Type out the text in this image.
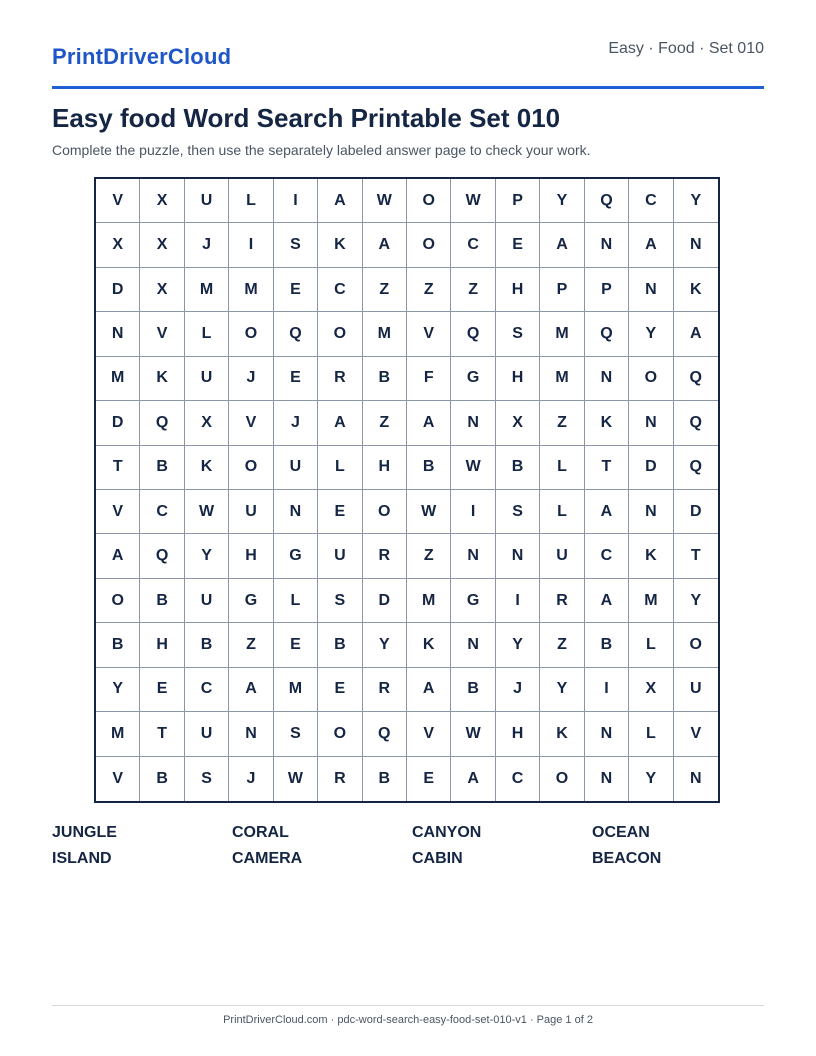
PrintDriverCloud	Easy · Food · Set 010
Easy food Word Search Printable Set 010

Complete the puzzle, then use the separately labeled answer page to check your work.

V	X	U	L	I	A	W	O	W	P	Y	Q	C	Y
X	X	J	I	S	K	A	O	C	E	A	N	A	N
D	X	M	M	E	C	Z	Z	Z	H	P	P	N	K
N	V	L	O	Q	O	M	V	Q	S	M	Q	Y	A
M	K	U	J	E	R	B	F	G	H	M	N	O	Q
D	Q	X	V	J	A	Z	A	N	X	Z	K	N	Q
T	B	K	O	U	L	H	B	W	B	L	T	D	Q
V	C	W	U	N	E	O	W	I	S	L	A	N	D
A	Q	Y	H	G	U	R	Z	N	N	U	C	K	T
O	B	U	G	L	S	D	M	G	I	R	A	M	Y
B	H	B	Z	E	B	Y	K	N	Y	Z	B	L	O
Y	E	C	A	M	E	R	A	B	J	Y	I	X	U
M	T	U	N	S	O	Q	V	W	H	K	N	L	V
V	B	S	J	W	R	B	E	A	C	O	N	Y	N
JUNGLE	CORAL	CANYON	OCEAN
ISLAND	CAMERA	CABIN	BEACON
PrintDriverCloud.com · pdc-word-search-easy-food-set-010-v1 · Page 1 of 2
